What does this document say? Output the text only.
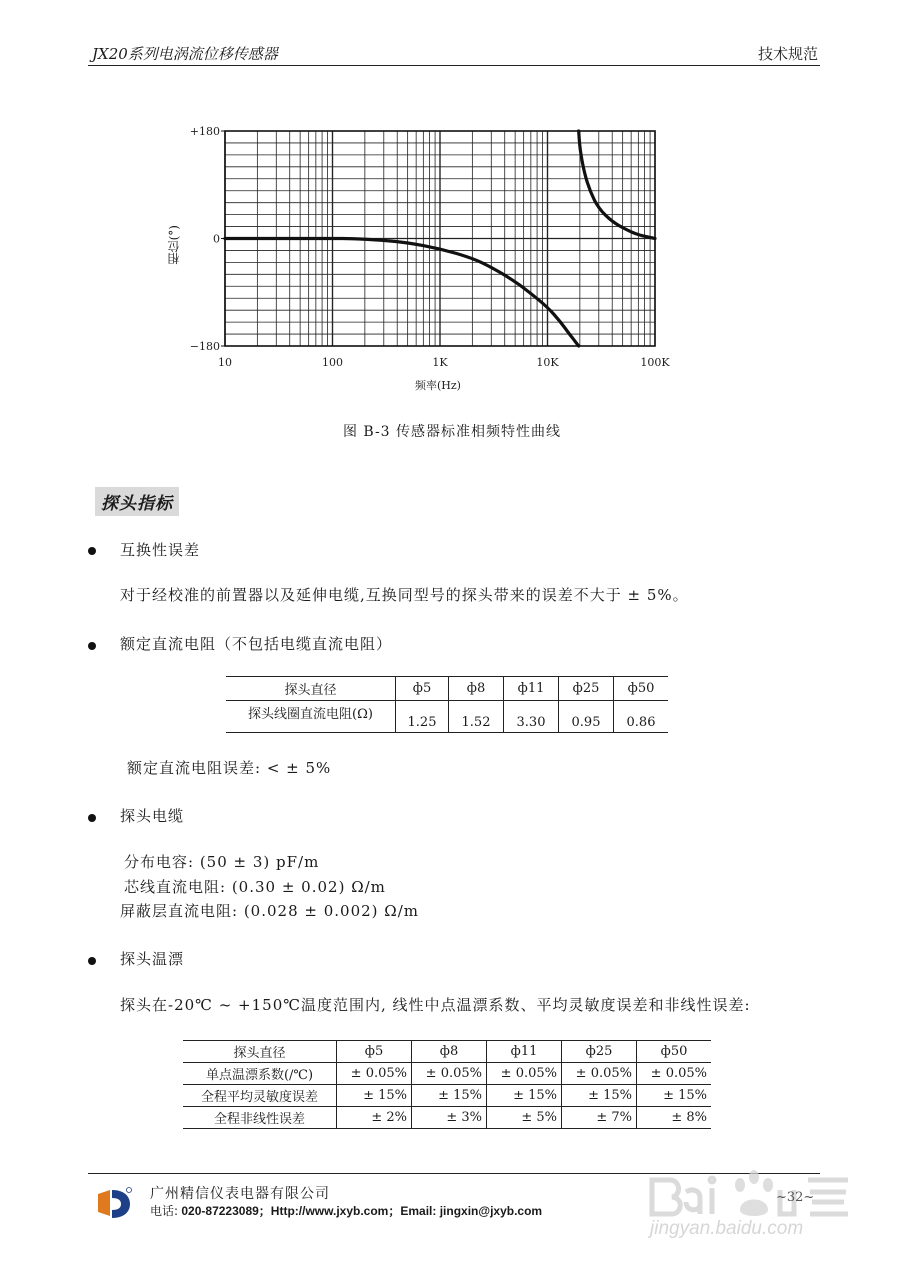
JX20系列电涡流位移传感器	技术规范
10	100	1K	10K	100K
+180
0
−180
频率(Hz)
相位(°)
图 B-3 传感器标准相频特性曲线
探头指标
互换性误差
对于经校准的前置器以及延伸电缆,互换同型号的探头带来的误差不大于 ± 5%。
额定直流电阻（不包括电缆直流电阻）
探头直径	ф5	ф8	ф11	ф25	ф50
探头线圈直流电阻(Ω)	1.25	1.52	3.30	0.95	0.86
额定直流电阻误差: < ± 5%
探头电缆
分布电容: (50 ± 3) pF/m
芯线直流电阻: (0.30 ± 0.02) Ω/m
屏蔽层直流电阻: (0.028 ± 0.002) Ω/m
探头温漂
探头在-20℃ ~ +150℃温度范围内, 线性中点温漂系数、平均灵敏度误差和非线性误差:
探头直径	ф5	ф8	ф11	ф25	ф50
单点温漂系数(/℃)	± 0.05%	± 0.05%	± 0.05%	± 0.05%	± 0.05%
全程平均灵敏度误差	± 15%	± 15%	± 15%	± 15%	± 15%
全程非线性误差	± 2%	± 3%	± 5%	± 7%	± 8%
广州精信仪表电器有限公司
电话: 020-87223089；Http://www.jxyb.com；Email: jingxin@jxyb.com
~32~
jingyan.baidu.com
